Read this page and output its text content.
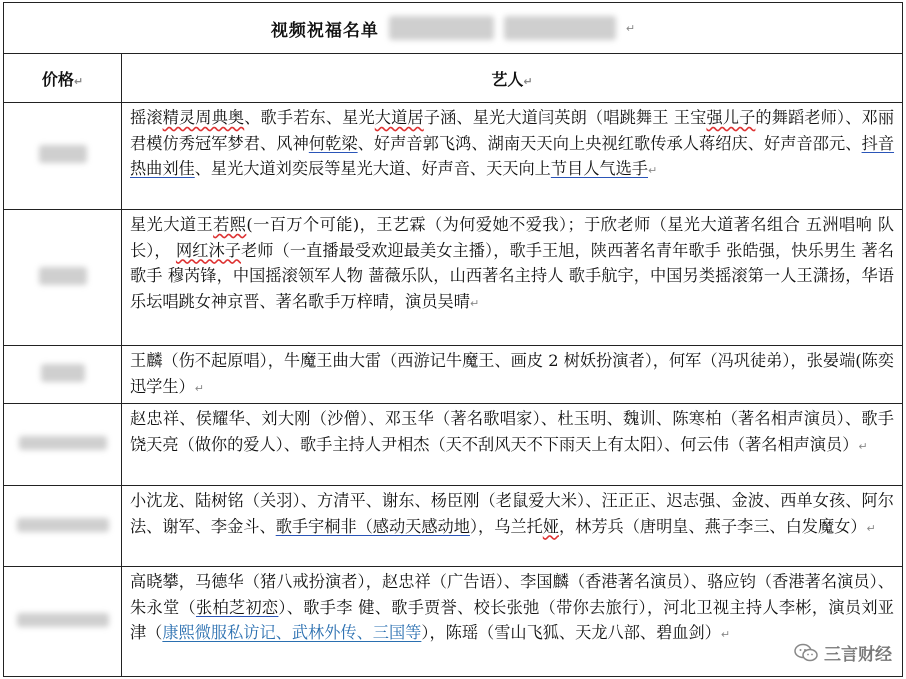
视频祝福名单 ↵	

价格↵	艺人↵
	摇滚精灵周典奥、歌手若东、星光大道居子涵、星光大道闫英朗（唱跳舞王 王宝强儿子的舞蹈老师）、邓丽君模仿秀冠军梦君、风神何乾梁、好声音郭飞鸿、湖南天天向上央视红歌传承人蒋绍庆、好声音邵元、抖音热曲刘佳、星光大道刘奕辰等星光大道、好声音、天天向上节目人气选手↵
	星光大道王若熙(一百万个可能)，王艺霖（为何爱她不爱我）；于欣老师（星光大道著名组合 五洲唱响 队长）， 网红沐子老师（一直播最受欢迎最美女主播），歌手王旭，陕西著名青年歌手 张皓强，快乐男生 著名歌手 穆芮锋，中国摇滚领军人物 蔷薇乐队，山西著名主持人 歌手航宇，中国另类摇滚第一人王潇扬，华语乐坛唱跳女神京晋、著名歌手万梓晴，演员吴晴↵
	王麟（伤不起原唱），牛魔王曲大雷（西游记牛魔王、画皮 2 树妖扮演者），何军（冯巩徒弟），张晏端(陈奕迅学生）↵
	赵忠祥、侯耀华、刘大刚（沙僧）、邓玉华（著名歌唱家）、杜玉明、魏训、陈寒柏（著名相声演员）、歌手饶天亮（做你的爱人）、歌手主持人尹相杰（天不刮风天不下雨天上有太阳）、何云伟（著名相声演员）↵
	小沈龙、陆树铭（关羽）、方清平、谢东、杨臣刚（老鼠爱大米）、汪正正、迟志强、金波、西单女孩、阿尔法、谢军、李金斗、歌手宇桐非（感动天感动地），乌兰托娅，林芳兵（唐明皇、燕子李三、白发魔女）↵
	高晓攀，马德华（猪八戒扮演者），赵忠祥（广告语）、李国麟（香港著名演员）、骆应钧（香港著名演员）、朱永堂（张柏芝初恋）、歌手李 健、歌手贾誉、校长张弛（带你去旅行），河北卫视主持人李彬，演员刘亚津（康熙微服私访记、武林外传、三国等），陈瑶（雪山飞狐、天龙八部、碧血剑）↵
三言财经
